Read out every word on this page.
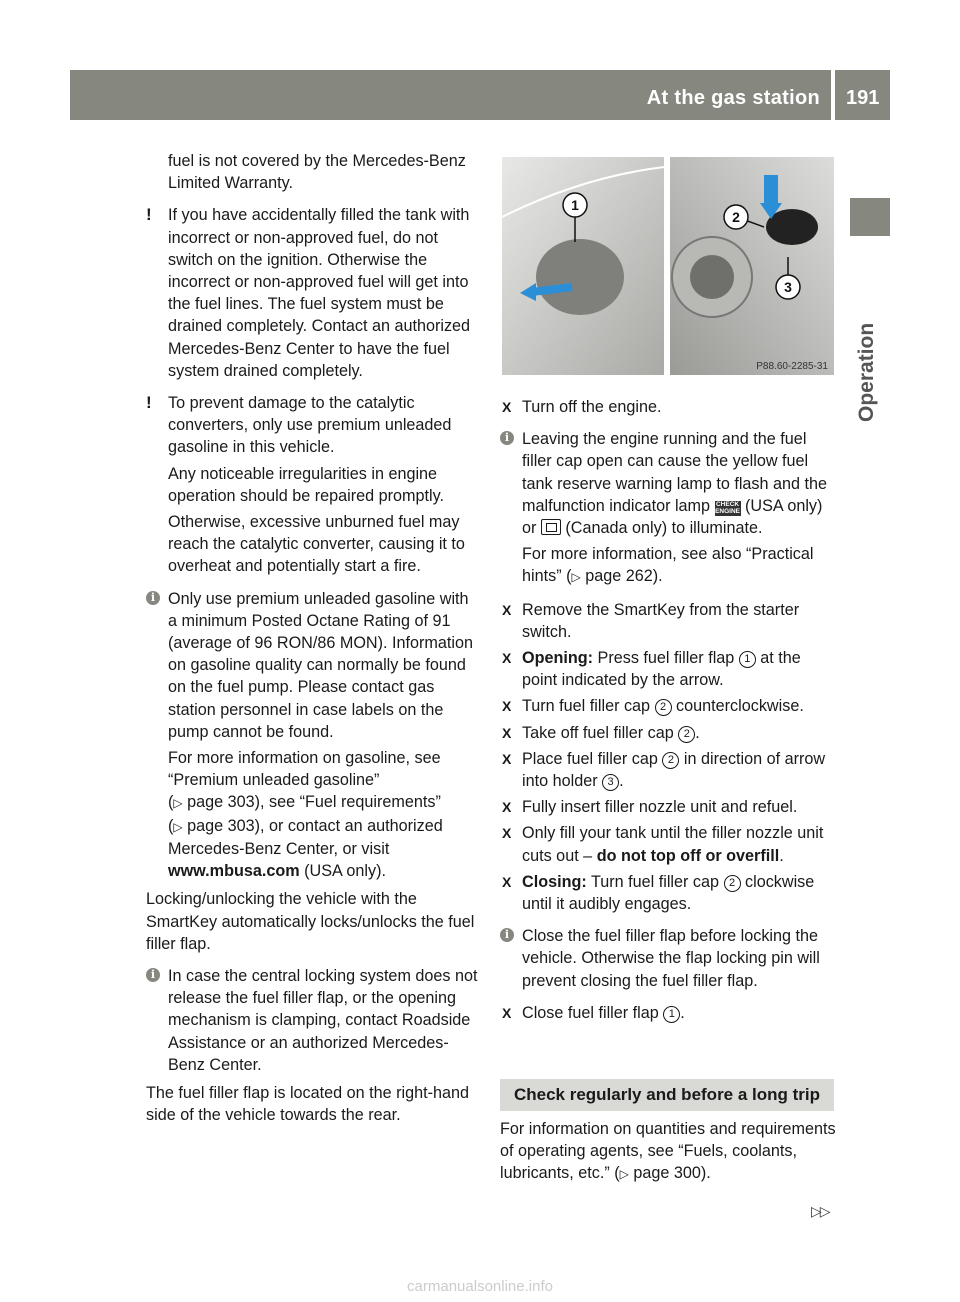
At the gas station 191
Operation

fuel is not covered by the Mercedes-Benz Limited Warranty.

! If you have accidentally filled the tank with incorrect or non-approved fuel, do not switch on the ignition. Otherwise the incorrect or non-approved fuel will get into the fuel lines. The fuel system must be drained completely. Contact an authorized Mercedes-Benz Center to have the fuel system drained completely.
! To prevent damage to the catalytic converters, only use premium unleaded gasoline in this vehicle.

Any noticeable irregularities in engine operation should be repaired promptly.

Otherwise, excessive unburned fuel may reach the catalytic converter, causing it to overheat and potentially start a fire.

i Only use premium unleaded gasoline with a minimum Posted Octane Rating of 91 (average of 96 RON/86 MON). Information on gasoline quality can normally be found on the fuel pump. Please contact gas station personnel in case labels on the pump cannot be found.

For more information on gasoline, see “Premium unleaded gasoline”
(▷ page 303), see “Fuel requirements”
(▷ page 303), or contact an authorized Mercedes-Benz Center, or visit www.mbusa.com (USA only).

Locking/unlocking the vehicle with the SmartKey automatically locks/unlocks the fuel filler flap.

i In case the central locking system does not release the fuel filler flap, or the opening mechanism is clamping, contact Roadside Assistance or an authorized Mercedes-Benz Center.

The fuel filler flap is located on the right-hand side of the vehicle towards the rear.

1
2
3
P88.60-2285-31
X Turn off the engine.
i Leaving the engine running and the fuel filler cap open can cause the yellow fuel tank reserve warning lamp to flash and the malfunction indicator lamp CHECK ENGINE (USA only) or (Canada only) to illuminate.

For more information, see also “Practical hints” (▷ page 262).

X Remove the SmartKey from the starter switch.
X Opening: Press fuel filler flap 1 at the point indicated by the arrow.
X Turn fuel filler cap 2 counterclockwise.
X Take off fuel filler cap 2 .
X Place fuel filler cap 2 in direction of arrow into holder 3 .
X Fully insert filler nozzle unit and refuel.
X Only fill your tank until the filler nozzle unit cuts out – do not top off or overfill.
X Closing: Turn fuel filler cap 2 clockwise until it audibly engages.
i Close the fuel filler flap before locking the vehicle. Otherwise the flap locking pin will prevent closing the fuel filler flap.
X Close fuel filler flap 1 .
Check regularly and before a long trip
For information on quantities and requirements of operating agents, see “Fuels, coolants, lubricants, etc.” (▷ page 300).
▷▷
carmanualsonline.info
